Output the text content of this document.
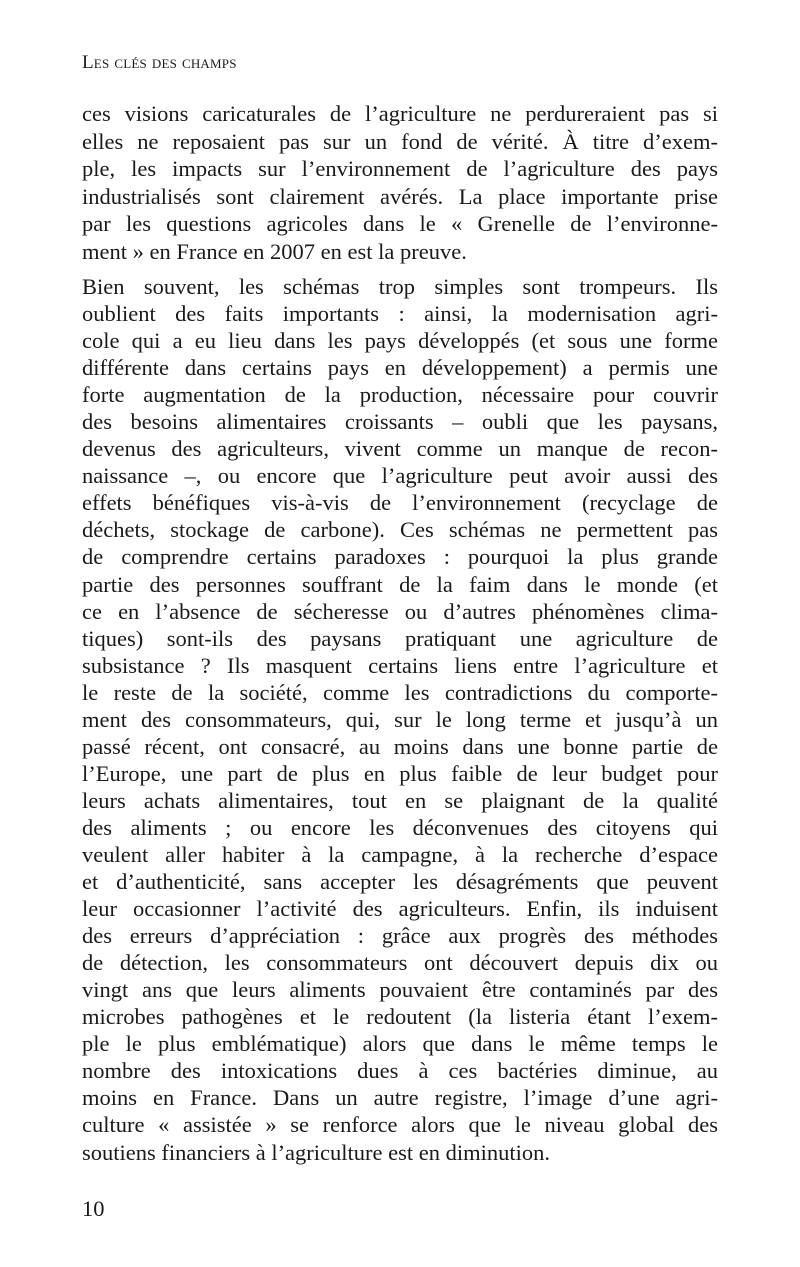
Les clés des champs
ces visions caricaturales de l’agriculture ne perdureraient pas si
elles ne reposaient pas sur un fond de vérité. À titre d’exem-
ple, les impacts sur l’environnement de l’agriculture des pays
industrialisés sont clairement avérés. La place importante prise
par les questions agricoles dans le « Grenelle de l’environne-
ment » en France en 2007 en est la preuve.
Bien souvent, les schémas trop simples sont trompeurs. Ils
oublient des faits importants : ainsi, la modernisation agri-
cole qui a eu lieu dans les pays développés (et sous une forme
différente dans certains pays en développement) a permis une
forte augmentation de la production, nécessaire pour couvrir
des besoins alimentaires croissants – oubli que les paysans,
devenus des agriculteurs, vivent comme un manque de recon-
naissance –, ou encore que l’agriculture peut avoir aussi des
effets bénéfiques vis-à-vis de l’environnement (recyclage de
déchets, stockage de carbone). Ces schémas ne permettent pas
de comprendre certains paradoxes : pourquoi la plus grande
partie des personnes souffrant de la faim dans le monde (et
ce en l’absence de sécheresse ou d’autres phénomènes clima-
tiques) sont-ils des paysans pratiquant une agriculture de
subsistance ? Ils masquent certains liens entre l’agriculture et
le reste de la société, comme les contradictions du comporte-
ment des consommateurs, qui, sur le long terme et jusqu’à un
passé récent, ont consacré, au moins dans une bonne partie de
l’Europe, une part de plus en plus faible de leur budget pour
leurs achats alimentaires, tout en se plaignant de la qualité
des aliments ; ou encore les déconvenues des citoyens qui
veulent aller habiter à la campagne, à la recherche d’espace
et d’authenticité, sans accepter les désagréments que peuvent
leur occasionner l’activité des agriculteurs. Enfin, ils induisent
des erreurs d’appréciation : grâce aux progrès des méthodes
de détection, les consommateurs ont découvert depuis dix ou
vingt ans que leurs aliments pouvaient être contaminés par des
microbes pathogènes et le redoutent (la listeria étant l’exem-
ple le plus emblématique) alors que dans le même temps le
nombre des intoxications dues à ces bactéries diminue, au
moins en France. Dans un autre registre, l’image d’une agri-
culture « assistée » se renforce alors que le niveau global des
soutiens financiers à l’agriculture est en diminution.
10
